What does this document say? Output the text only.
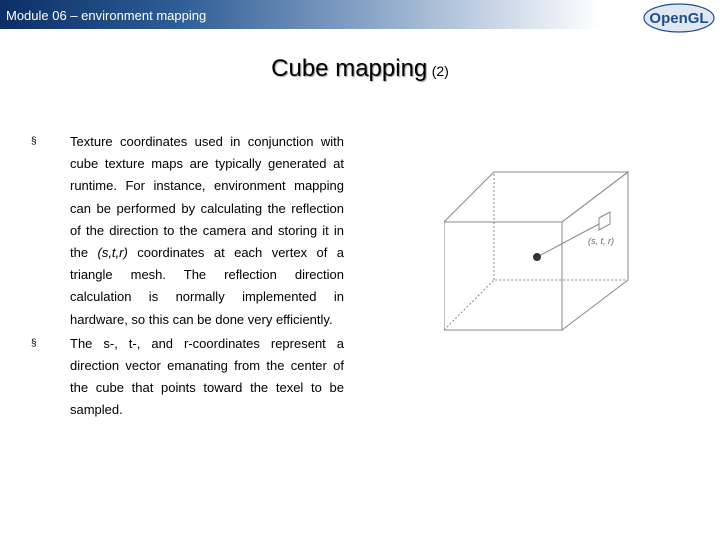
Module 06 – environment mapping	OpenGL
Cube mapping (2)
§	Texture coordinates used in conjunction with cube texture maps are typically generated at runtime. For instance, environment mapping can be performed by calculating the reflection of the direction to the camera and storing it in the (s,t,r) coordinates at each vertex of a triangle mesh. The reflection direction calculation is normally implemented in hardware, so this can be done very efficiently.
§	The s-, t-, and r-coordinates represent a direction vector emanating from the center of the cube that points toward the texel to be sampled.
(s, t, r)
